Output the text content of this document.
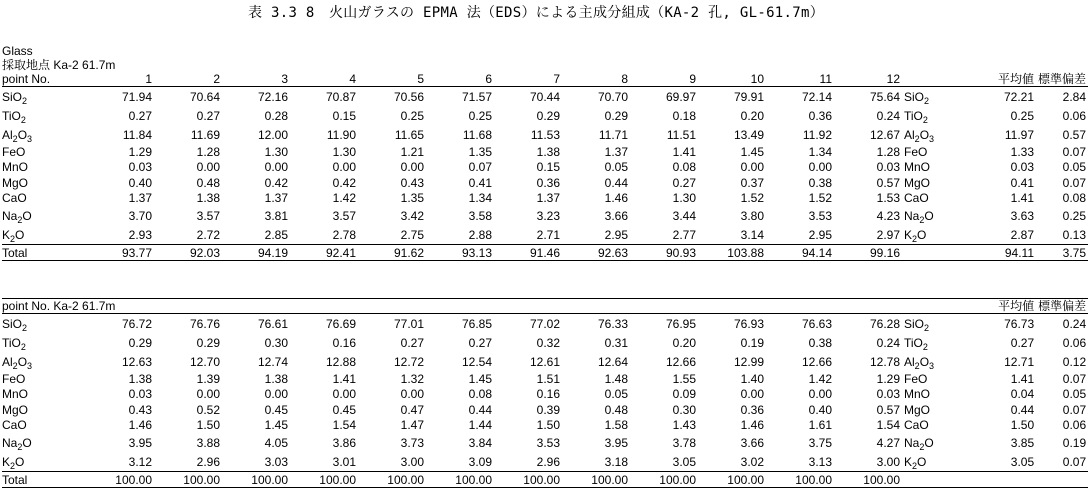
表 3.3 8　火山ガラスの EPMA 法（EDS）による主成分組成（KA-2 孔, GL-61.7m）
Glass
採取地点 Ka-2 61.7m
point No.	1	2	3	4	5	6	7	8	9	10	11	12		平均値	標準偏差
SiO$_2$	71.94	70.64	72.16	70.87	70.56	71.57	70.44	70.70	69.97	79.91	72.14	75.64	SiO$_2$	72.21	2.84
TiO$_2$	0.27	0.27	0.28	0.15	0.25	0.25	0.29	0.29	0.18	0.20	0.36	0.24	TiO$_2$	0.25	0.06
$Al_2O_3$	11.84	11.69	12.00	11.90	11.65	11.68	11.53	11.71	11.51	13.49	11.92	12.67	$Al_2O_3$	11.97	0.57
FeO	1.29	1.28	1.30	1.30	1.21	1.35	1.38	1.37	1.41	1.45	1.34	1.28	FeO	1.33	0.07
MnO	0.03	0.00	0.00	0.00	0.00	0.07	0.15	0.05	0.08	0.00	0.00	0.03	MnO	0.03	0.05
MgO	0.40	0.48	0.42	0.42	0.43	0.41	0.36	0.44	0.27	0.37	0.38	0.57	MgO	0.41	0.07
CaO	1.37	1.38	1.37	1.42	1.35	1.34	1.37	1.46	1.30	1.52	1.52	1.53	CaO	1.41	0.08
$Na_2O$	3.70	3.57	3.81	3.57	3.42	3.58	3.23	3.66	3.44	3.80	3.53	4.23	$Na_2O$	3.63	0.25
$K_2O$	2.93	2.72	2.85	2.78	2.75	2.88	2.71	2.95	2.77	3.14	2.95	2.97	$K_2O$	2.87	0.13
Total	93.77	92.03	94.19	92.41	91.62	93.13	91.46	92.63	90.93	103.88	94.14	99.16		94.11	3.75
point No. Ka-2 61.7m														平均値	標準偏差
SiO$_2$	76.72	76.76	76.61	76.69	77.01	76.85	77.02	76.33	76.95	76.93	76.63	76.28	SiO$_2$	76.73	0.24
TiO$_2$	0.29	0.29	0.30	0.16	0.27	0.27	0.32	0.31	0.20	0.19	0.38	0.24	TiO$_2$	0.27	0.06
$Al_2O_3$	12.63	12.70	12.74	12.88	12.72	12.54	12.61	12.64	12.66	12.99	12.66	12.78	$Al_2O_3$	12.71	0.12
FeO	1.38	1.39	1.38	1.41	1.32	1.45	1.51	1.48	1.55	1.40	1.42	1.29	FeO	1.41	0.07
MnO	0.03	0.00	0.00	0.00	0.00	0.08	0.16	0.05	0.09	0.00	0.00	0.03	MnO	0.04	0.05
MgO	0.43	0.52	0.45	0.45	0.47	0.44	0.39	0.48	0.30	0.36	0.40	0.57	MgO	0.44	0.07
CaO	1.46	1.50	1.45	1.54	1.47	1.44	1.50	1.58	1.43	1.46	1.61	1.54	CaO	1.50	0.06
$Na_2O$	3.95	3.88	4.05	3.86	3.73	3.84	3.53	3.95	3.78	3.66	3.75	4.27	$Na_2O$	3.85	0.19
$K_2O$	3.12	2.96	3.03	3.01	3.00	3.09	2.96	3.18	3.05	3.02	3.13	3.00	$K_2O$	3.05	0.07
Total	100.00	100.00	100.00	100.00	100.00	100.00	100.00	100.00	100.00	100.00	100.00	100.00			
